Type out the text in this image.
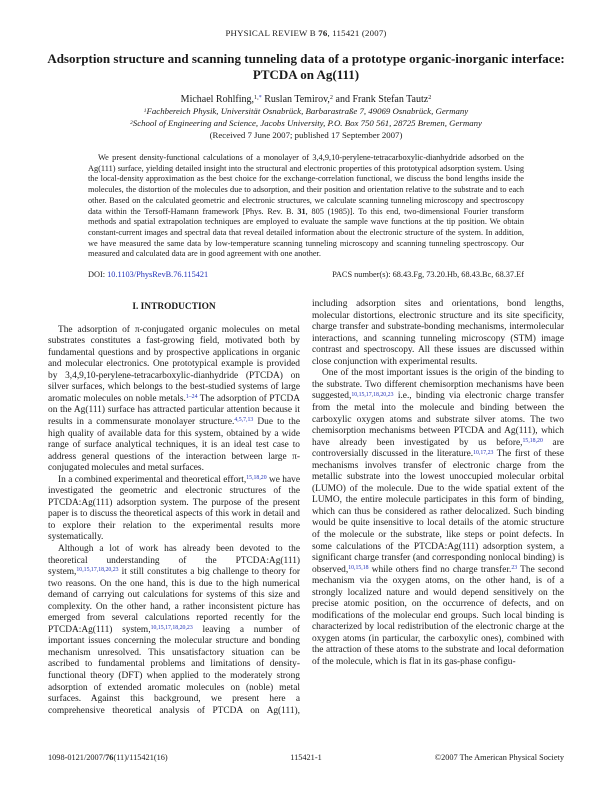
PHYSICAL REVIEW B 76, 115421 (2007)
Adsorption structure and scanning tunneling data of a prototype organic-inorganic interface:
PTCDA on Ag(111)
Michael Rohlfing,$^{1,*}$ Ruslan Temirov,$^2$ and Frank Stefan Tautz$^2$
$^1$Fachbereich Physik, Universität Osnabrück, Barbarastraße 7, 49069 Osnabrück, Germany
$^2$School of Engineering and Science, Jacobs University, P.O. Box 750 561, 28725 Bremen, Germany
(Received 7 June 2007; published 17 September 2007)

We present density-functional calculations of a monolayer of 3,4,9,10-perylene-tetracarboxylic-dianhydride adsorbed on the Ag(111) surface, yielding detailed insight into the structural and electronic properties of this prototypical adsorption system. Using the local-density approximation as the best choice for the exchange-correlation functional, we discuss the bond lengths inside the molecules, the distortion of the molecules due to adsorption, and their position and orientation relative to the substrate and to each other. Based on the calculated geometric and electronic structures, we calculate scanning tunneling microscopy and spectroscopy data within the Tersoff-Hamann framework [Phys. Rev. B. 31, 805 (1985)]. To this end, two-dimensional Fourier transform methods and spatial extrapolation techniques are employed to evaluate the sample wave functions at the tip position. We obtain constant-current images and spectral data that reveal detailed information about the electronic structure of the system. In addition, we have measured the same data by low-temperature scanning tunneling microscopy and scanning tunneling spectroscopy. Our measured and calculated data are in good agreement with one another.

DOI: 10.1103/PhysRevB.76.115421	PACS number(s): 68.43.Fg, 73.20.Hb, 68.43.Bc, 68.37.Ef
I. INTRODUCTION

The adsorption of π-conjugated organic molecules on metal substrates constitutes a fast-growing field, motivated both by fundamental questions and by prospective applications in organic and molecular electronics. One prototypical example is provided by 3,4,9,10-perylene-tetracarboxylic-dianhydride (PTCDA) on silver surfaces, which belongs to the best-studied systems of large aromatic molecules on noble metals.$^{1-24}$ The adsorption of PTCDA on the Ag(111) surface has attracted particular attention because it results in a commensurate monolayer structure.$^{4,5,7,13}$ Due to the high quality of available data for this system, obtained by a wide range of surface analytical techniques, it is an ideal test case to address general questions of the interaction between large π-conjugated molecules and metal surfaces.

In a combined experimental and theoretical effort,$^{15,18,20}$ we have investigated the geometric and electronic structures of the PTCDA:Ag(111) adsorption system. The purpose of the present paper is to discuss the theoretical aspects of this work in detail and to explore their relation to the experimental results more systematically.

Although a lot of work has already been devoted to the theoretical understanding of the PTCDA:Ag(111) system,$^{10,15,17,18,20,23}$ it still constitutes a big challenge to theory for two reasons. On the one hand, this is due to the high numerical demand of carrying out calculations for systems of this size and complexity. On the other hand, a rather inconsistent picture has emerged from several calculations reported recently for the PTCDA:Ag(111) system,$^{10,15,17,18,20,23}$ leaving a number of important issues concerning the molecular structure and bonding mechanism unresolved. This unsatisfactory situation can be ascribed to fundamental problems and limitations of density-functional theory (DFT) when applied to the moderately strong adsorption of extended aromatic molecules on (noble) metal surfaces. Against this background, we present here a comprehensive theoretical analysis of PTCDA on Ag(111), including adsorption sites and orientations, bond lengths, molecular distortions, electronic structure and its site specificity, charge transfer and substrate-bonding mechanisms, intermolecular interactions, and scanning tunneling microscopy (STM) image contrast and spectroscopy. All these issues are discussed within close conjunction with experimental results.

One of the most important issues is the origin of the binding to the substrate. Two different chemisorption mechanisms have been suggested,$^{10,15,17,18,20,23}$ i.e., binding via electronic charge transfer from the metal into the molecule and binding between the carboxylic oxygen atoms and substrate silver atoms. The two chemisorption mechanisms between PTCDA and Ag(111), which have already been investigated by us before,$^{15,18,20}$ are controversially discussed in the literature.$^{10,17,23}$ The first of these mechanisms involves transfer of electronic charge from the metallic substrate into the lowest unoccupied molecular orbital (LUMO) of the molecule. Due to the wide spatial extent of the LUMO, the entire molecule participates in this form of binding, which can thus be considered as rather delocalized. Such binding would be quite insensitive to local details of the atomic structure of the molecule or the substrate, like steps or point defects. In some calculations of the PTCDA:Ag(111) adsorption system, a significant charge transfer (and corresponding nonlocal binding) is observed,$^{10,15,18}$ while others find no charge transfer.$^{23}$ The second mechanism via the oxygen atoms, on the other hand, is of a strongly localized nature and would depend sensitively on the precise atomic position, on the occurrence of defects, and on modifications of the molecular end groups. Such local binding is characterized by local redistribution of the electronic charge at the oxygen atoms (in particular, the carboxylic ones), combined with the attraction of these atoms to the substrate and local deformation of the molecule, which is flat in its gas-phase configu-

1098-0121/2007/76(11)/115421(16)	115421-1	©2007 The American Physical Society
